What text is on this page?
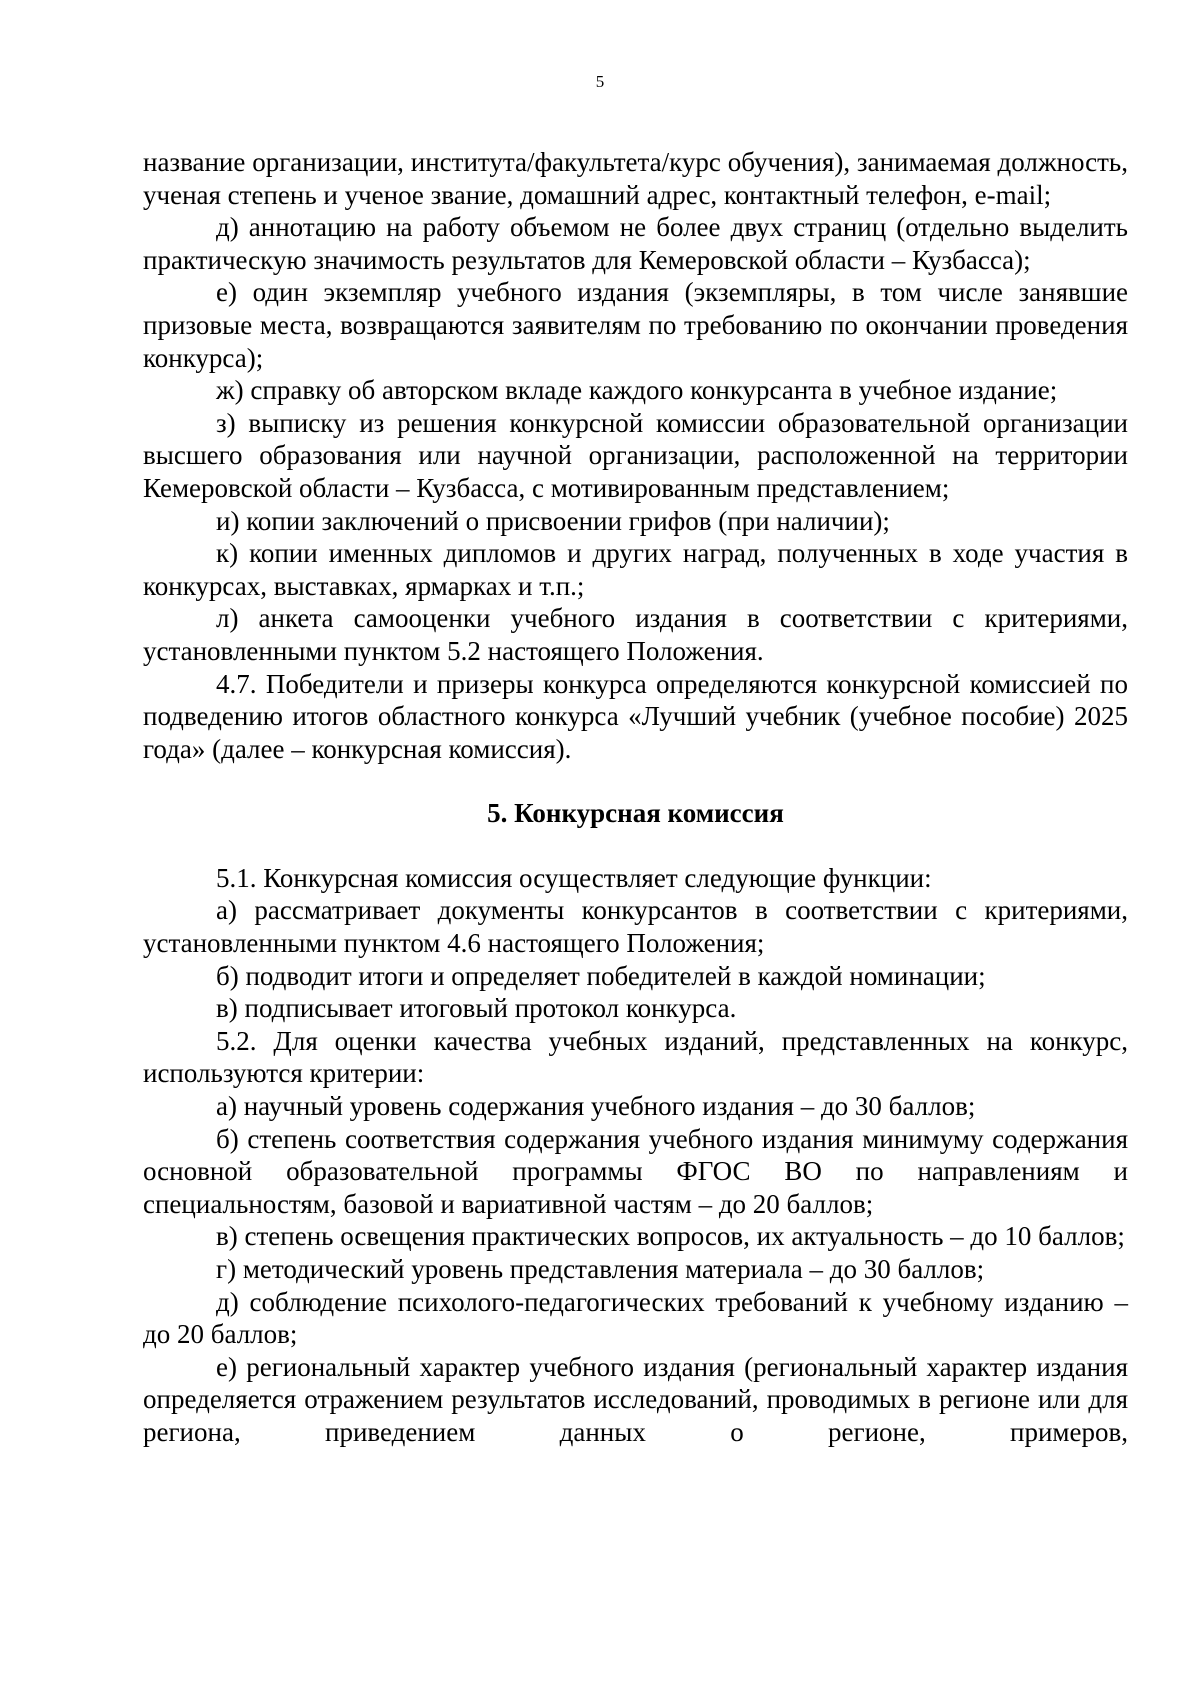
5

название организации, института/факультета/курс обучения), занимаемая должность, ученая степень и ученое звание, домашний адрес, контактный телефон, e-mail;

д) аннотацию на работу объемом не более двух страниц (отдельно выделить практическую значимость результатов для Кемеровской области – Кузбасса);

е) один экземпляр учебного издания (экземпляры, в том числе занявшие призовые места, возвращаются заявителям по требованию по окончании проведения конкурса);

ж) справку об авторском вкладе каждого конкурсанта в учебное издание;

з) выписку из решения конкурсной комиссии образовательной организации высшего образования или научной организации, расположенной на территории Кемеровской области – Кузбасса, с мотивированным представлением;

и) копии заключений о присвоении грифов (при наличии);

к) копии именных дипломов и других наград, полученных в ходе участия в конкурсах, выставках, ярмарках и т.п.;

л) анкета самооценки учебного издания в соответствии с критериями, установленными пунктом 5.2 настоящего Положения.

4.7. Победители и призеры конкурса определяются конкурсной комиссией по подведению итогов областного конкурса «Лучший учебник (учебное пособие) 2025 года» (далее – конкурсная комиссия).

5. Конкурсная комиссия

5.1. Конкурсная комиссия осуществляет следующие функции:

а) рассматривает документы конкурсантов в соответствии с критериями, установленными пунктом 4.6 настоящего Положения;

б) подводит итоги и определяет победителей в каждой номинации;

в) подписывает итоговый протокол конкурса.

5.2. Для оценки качества учебных изданий, представленных на конкурс, используются критерии:

а) научный уровень содержания учебного издания – до 30 баллов;

б) степень соответствия содержания учебного издания минимуму содержания основной образовательной программы ФГОС ВО по направлениям и специальностям, базовой и вариативной частям – до 20 баллов;

в) степень освещения практических вопросов, их актуальность – до 10 баллов;

г) методический уровень представления материала – до 30 баллов;

д) соблюдение психолого-педагогических требований к учебному изданию – до 20 баллов;

е) региональный характер учебного издания (региональный характер издания определяется отражением результатов исследований, проводимых в регионе или для региона, приведением данных о регионе, примеров,
